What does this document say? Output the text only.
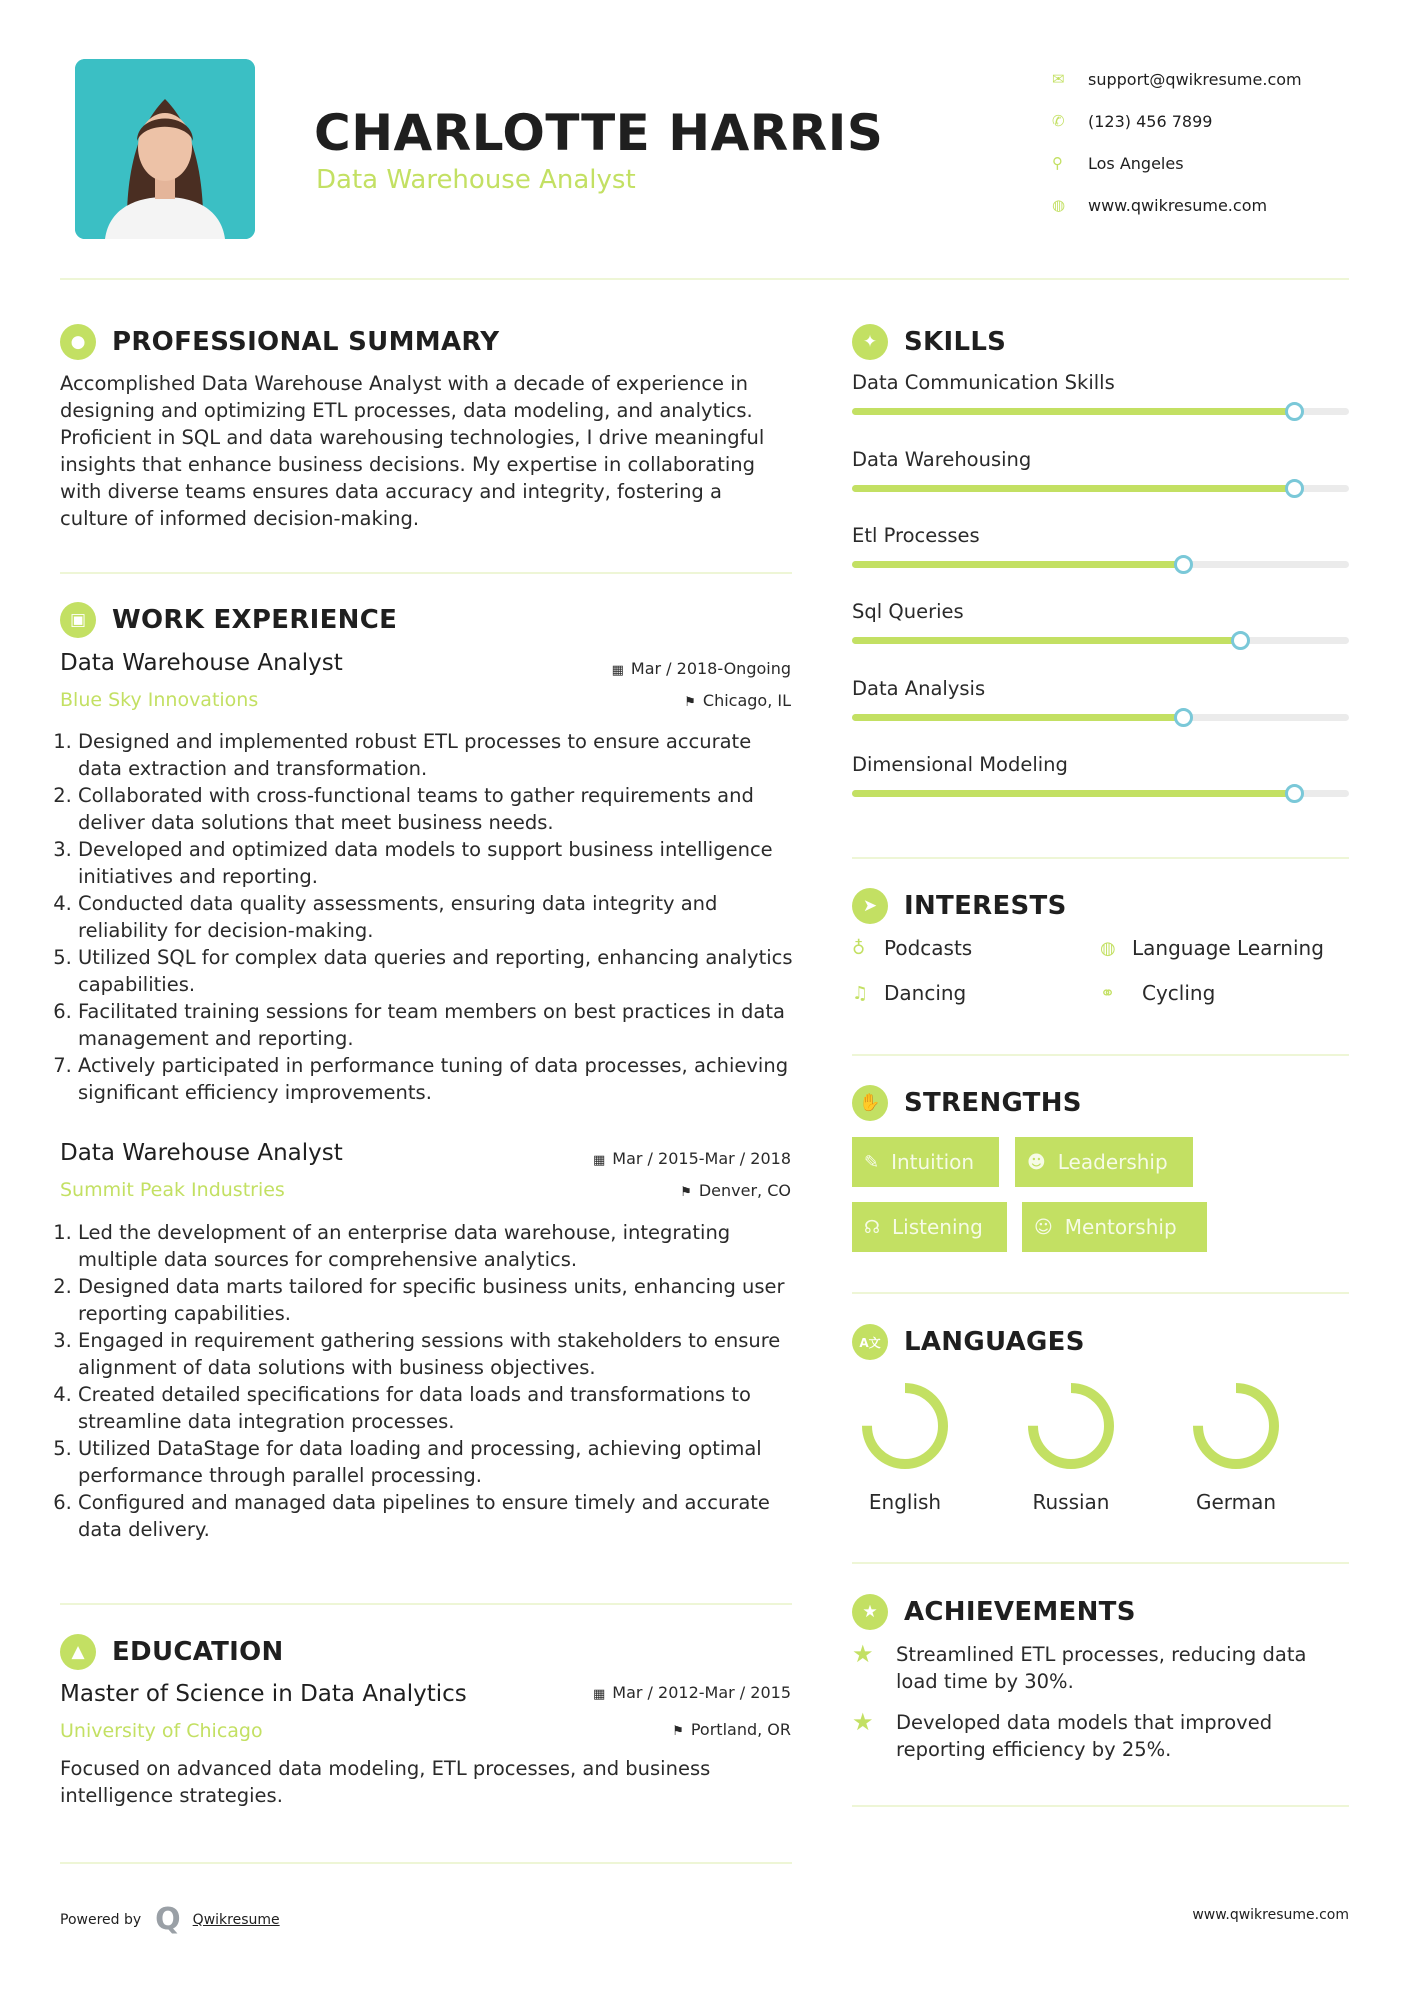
CHARLOTTE HARRIS
Data Warehouse Analyst
✉	support@qwikresume.com
✆	(123) 456 7899
⚲	Los Angeles
◍	www.qwikresume.com
●	PROFESSIONAL SUMMARY
Accomplished Data Warehouse Analyst with a decade of experience in designing and optimizing ETL processes, data modeling, and analytics. Proficient in SQL and data warehousing technologies, I drive meaningful insights that enhance business decisions. My expertise in collaborating with diverse teams ensures data accuracy and integrity, fostering a culture of informed decision-making.
▣ WORK EXPERIENCE
Data Warehouse Analyst	▦ Mar / 2018-Ongoing
Blue Sky Innovations	⚑ Chicago, IL
1. Designed and implemented robust ETL processes to ensure accurate data extraction and transformation.
2. Collaborated with cross-functional teams to gather requirements and deliver data solutions that meet business needs.
3. Developed and optimized data models to support business intelligence initiatives and reporting.
4. Conducted data quality assessments, ensuring data integrity and reliability for decision-making.
5. Utilized SQL for complex data queries and reporting, enhancing analytics capabilities.
6. Facilitated training sessions for team members on best practices in data management and reporting.
7. Actively participated in performance tuning of data processes, achieving significant efficiency improvements.
Data Warehouse Analyst	▦ Mar / 2015-Mar / 2018
Summit Peak Industries	⚑ Denver, CO
1. Led the development of an enterprise data warehouse, integrating multiple data sources for comprehensive analytics.
2. Designed data marts tailored for specific business units, enhancing user reporting capabilities.
3. Engaged in requirement gathering sessions with stakeholders to ensure alignment of data solutions with business objectives.
4. Created detailed specifications for data loads and transformations to streamline data integration processes.
5. Utilized DataStage for data loading and processing, achieving optimal performance through parallel processing.
6. Configured and managed data pipelines to ensure timely and accurate data delivery.
▲	EDUCATION
Master of Science in Data Analytics	▦ Mar / 2012-Mar / 2015
University of Chicago	⚑ Portland, OR
Focused on advanced data modeling, ETL processes, and business intelligence strategies.
✦	SKILLS
Data Communication Skills
Data Warehousing
Etl Processes
Sql Queries
Data Analysis
Dimensional Modeling
➤	INTERESTS
♁ Podcasts	◍ Language Learning
♫ Dancing	⚭	Cycling
✋ STRENGTHS
✎ Intuition	☻ Leadership
☊ Listening	☺ Mentorship
A文 LANGUAGES
English	Russian	German
★	ACHIEVEMENTS
★	Streamlined ETL processes, reducing data load time by 30%.
★	Developed data models that improved reporting efficiency by 25%.
Powered by Q Qwikresume	www.qwikresume.com
